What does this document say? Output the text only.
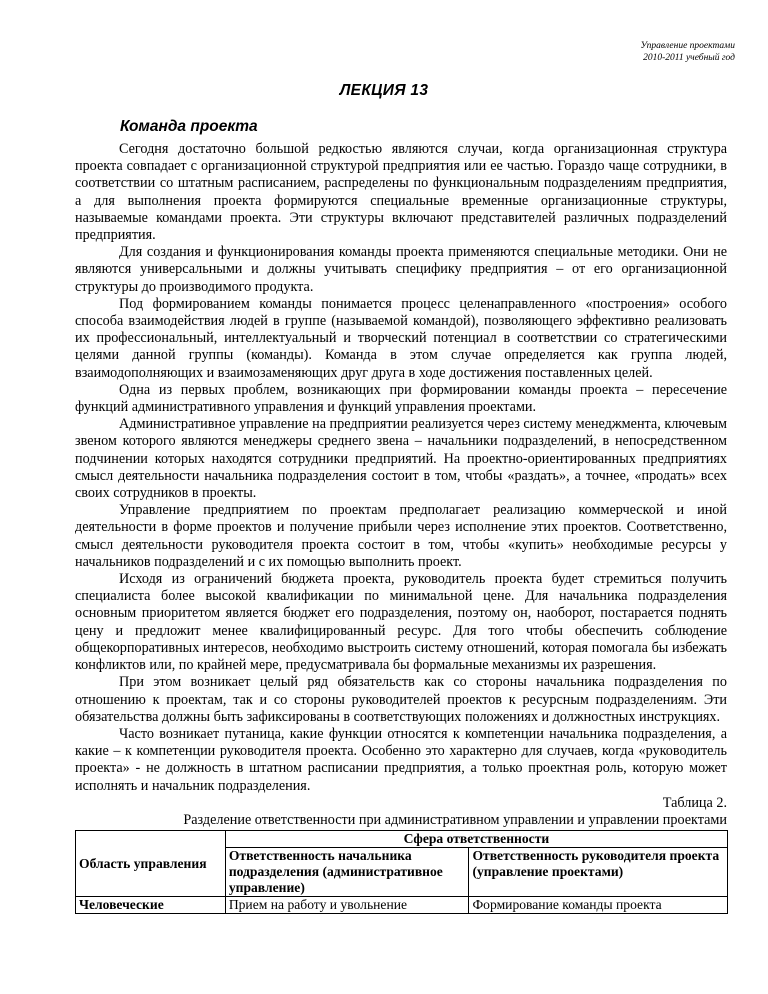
Управление проектами
2010-2011 учебный год
ЛЕКЦИЯ 13
Команда проекта

Сегодня достаточно большой редкостью являются случаи, когда организационная структура проекта совпадает с организационной структурой предприятия или ее частью. Гораздо чаще сотрудники, в соответствии со штатным расписанием, распределены по функциональным подразделениям предприятия, а для выполнения проекта формируются специальные временные организационные структуры, называемые командами проекта. Эти структуры включают представителей различных подразделений предприятия.

Для создания и функционирования команды проекта применяются специальные методики. Они не являются универсальными и должны учитывать специфику предприятия – от его организационной структуры до производимого продукта.

Под формированием команды понимается процесс целенаправленного «построения» особого способа взаимодействия людей в группе (называемой командой), позволяющего эффективно реализовать их профессиональный, интеллектуальный и творческий потенциал в соответствии со стратегическими целями данной группы (команды). Команда в этом случае определяется как группа людей, взаимодополняющих и взаимозаменяющих друг друга в ходе достижения поставленных целей.

Одна из первых проблем, возникающих при формировании команды проекта – пересечение функций административного управления и функций управления проектами.

Административное управление на предприятии реализуется через систему менеджмента, ключевым звеном которого являются менеджеры среднего звена – начальники подразделений, в непосредственном подчинении которых находятся сотрудники предприятий. На проектно-ориентированных предприятиях смысл деятельности начальника подразделения состоит в том, чтобы «раздать», а точнее, «продать» всех своих сотрудников в проекты.

Управление предприятием по проектам предполагает реализацию коммерческой и иной деятельности в форме проектов и получение прибыли через исполнение этих проектов. Соответственно, смысл деятельности руководителя проекта состоит в том, чтобы «купить» необходимые ресурсы у начальников подразделений и с их помощью выполнить проект.

Исходя из ограничений бюджета проекта, руководитель проекта будет стремиться получить специалиста более высокой квалификации по минимальной цене. Для начальника подразделения основным приоритетом является бюджет его подразделения, поэтому он, наоборот, постарается поднять цену и предложит менее квалифицированный ресурс. Для того чтобы обеспечить соблюдение общекорпоративных интересов, необходимо выстроить систему отношений, которая помогала бы избежать конфликтов или, по крайней мере, предусматривала бы формальные механизмы их разрешения.

При этом возникает целый ряд обязательств как со стороны начальника подразделения по отношению к проектам, так и со стороны руководителей проектов к ресурсным подразделениям. Эти обязательства должны быть зафиксированы в соответствующих положениях и должностных инструкциях.

Часто возникает путаница, какие функции относятся к компетенции начальника подразделения, а какие – к компетенции руководителя проекта. Особенно это характерно для случаев, когда «руководитель проекта» - не должность в штатном расписании предприятия, а только проектная роль, которую может исполнять и начальник подразделения.

Таблица 2.
Разделение ответственности при административном управлении и управлении проектами
Область управления	Сфера ответственности	
	Ответственность начальника подразделения (административное управление)	Ответственность руководителя проекта (управление проектами)
Человеческие	Прием на работу и увольнение	Формирование команды проекта
